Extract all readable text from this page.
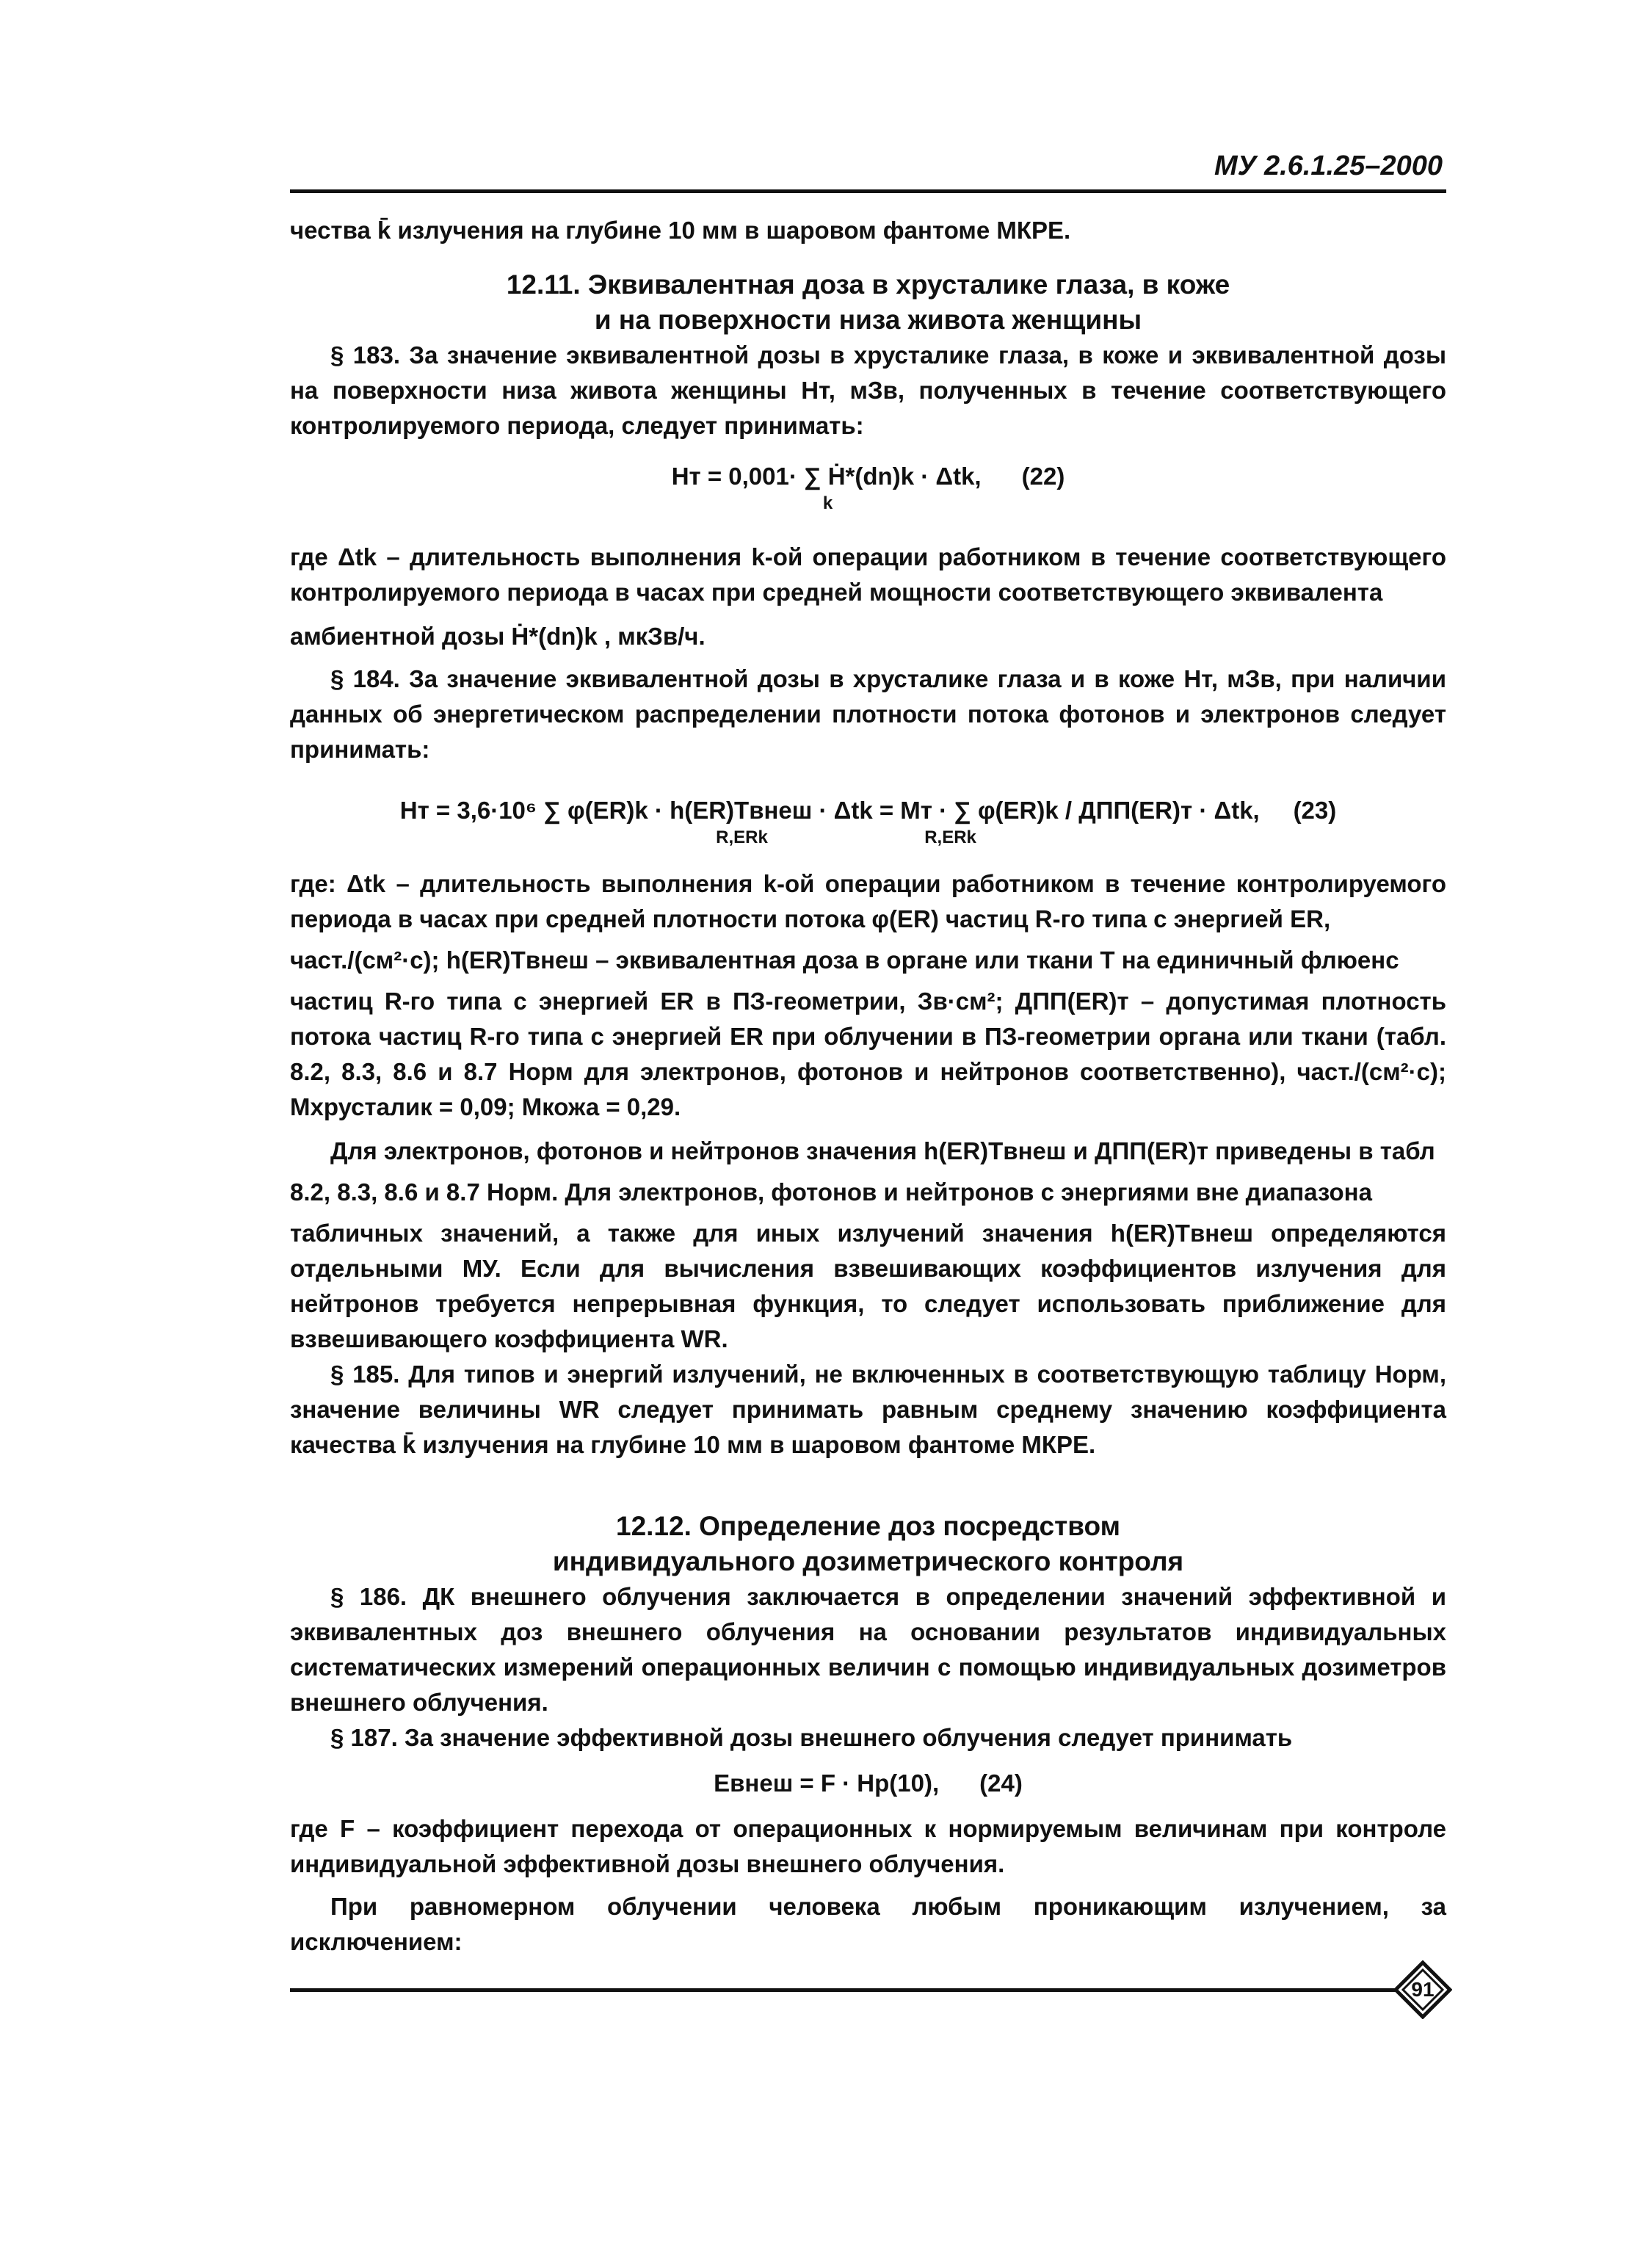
МУ 2.6.1.25–2000

чества k̄ излучения на глубине 10 мм в шаровом фантоме МКРЕ.

12.11. Эквивалентная доза в хрусталике глаза, в коже

и на поверхности низа живота женщины

§ 183. За значение эквивалентной дозы в хрусталике глаза, в коже и эквивалентной дозы на поверхности низа живота женщины Hт, мЗв, полученных в течение соответствующего контролируемого периода, следует принимать:

Hт = 0,001· ∑ Ḣ*(dn)k · Δtk, (22)

k

где Δtk – длительность выполнения k-ой операции работником в течение соответствующего контролируемого периода в часах при средней мощности соответствующего эквивалента

амбиентной дозы Ḣ*(dn)k , мкЗв/ч.

§ 184. За значение эквивалентной дозы в хрусталике глаза и в коже Hт, мЗв, при наличии данных об энергетическом распределении плотности потока фотонов и электронов следует принимать:

Hт = 3,6·10⁶ ∑ φ(ER)k · h(ER)Tвнеш · Δtk = Mт · ∑ φ(ER)k / ДПП(ER)т · Δtk, (23)

R,ERk                                R,ERk

где: Δtk – длительность выполнения k-ой операции работником в течение контролируемого периода в часах при средней плотности потока φ(ER) частиц R-го типа с энергией ER,

част./(см²·с); h(ER)Tвнеш – эквивалентная доза в органе или ткани T на единичный флюенс

частиц R-го типа с энергией ER в ПЗ-геометрии, Зв·см²; ДПП(ER)т – допустимая плотность потока частиц R-го типа с энергией ER при облучении в ПЗ-геометрии органа или ткани (табл. 8.2, 8.3, 8.6 и 8.7 Норм для электронов, фотонов и нейтронов соответственно), част./(см²·с); Mхрусталик = 0,09; Mкожа = 0,29.

Для электронов, фотонов и нейтронов значения h(ER)Tвнеш и ДПП(ER)т приведены в табл

8.2, 8.3, 8.6 и 8.7 Норм. Для электронов, фотонов и нейтронов с энергиями вне диапазона

табличных значений, а также для иных излучений значения h(ER)Tвнеш определяются отдельными МУ. Если для вычисления взвешивающих коэффициентов излучения для нейтронов требуется непрерывная функция, то следует использовать приближение для взвешивающего коэффициента WR.

§ 185. Для типов и энергий излучений, не включенных в соответствующую таблицу Норм, значение величины WR следует принимать равным среднему значению коэффициента качества k̄ излучения на глубине 10 мм в шаровом фантоме МКРЕ.

12.12. Определение доз посредством

индивидуального дозиметрического контроля

§ 186. ДК внешнего облучения заключается в определении значений эффективной и эквивалентных доз внешнего облучения на основании результатов индивидуальных систематических измерений операционных величин с помощью индивидуальных дозиметров внешнего облучения.

§ 187. За значение эффективной дозы внешнего облучения следует принимать

Eвнеш = F · Hp(10), (24)

где F – коэффициент перехода от операционных к нормируемым величинам при контроле индивидуальной эффективной дозы внешнего облучения.

При равномерном облучении человека любым проникающим излучением, за исключением:

91
